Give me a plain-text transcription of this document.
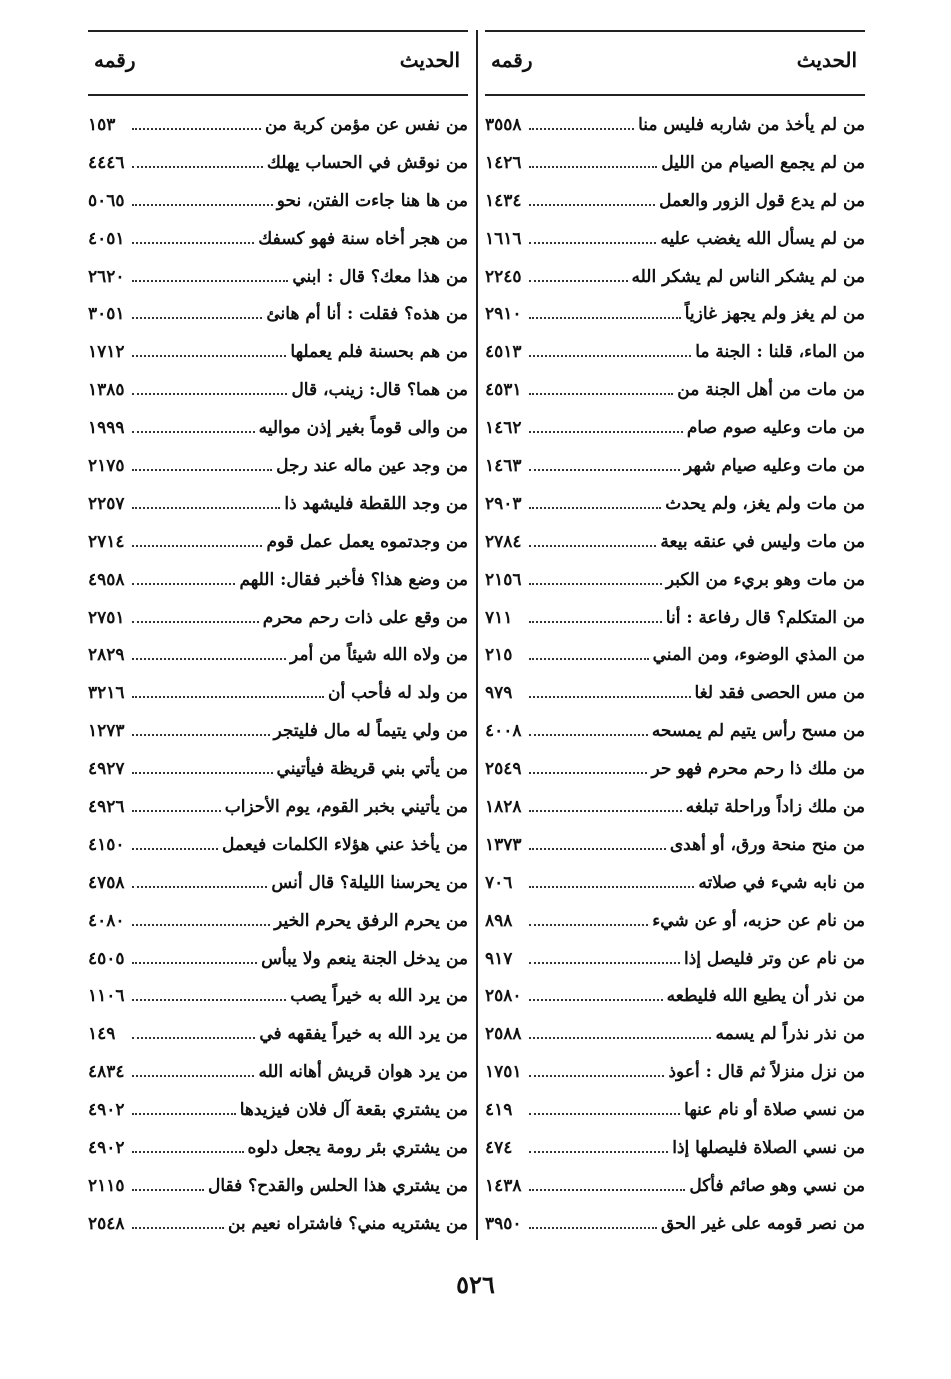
الحديث
رقمه
من لم يأخذ من شاربه فليس منا
٣٥٥٨
من لم يجمع الصيام من الليل
١٤٢٦
من لم يدع قول الزور والعمل
١٤٣٤
من لم يسأل الله يغضب عليه
١٦١٦
من لم يشكر الناس لم يشكر الله
٢٢٤٥
من لم يغز ولم يجهز غازياً
٢٩١٠
من الماء، قلنا : الجنة ما
٤٥١٣
من مات من أهل الجنة من
٤٥٣١
من مات وعليه صوم صام
١٤٦٢
من مات وعليه صيام شهر
١٤٦٣
من مات ولم يغز، ولم يحدث
٢٩٠٣
من مات وليس في عنقه بيعة
٢٧٨٤
من مات وهو بريء من الكبر
٢١٥٦
من المتكلم؟ قال رفاعة : أنا
٧١١
من المذي الوضوء، ومن المني
٢١٥
من مس الحصى فقد لغا
٩٧٩
من مسح رأس يتيم لم يمسحه
٤٠٠٨
من ملك ذا رحم محرم فهو حر
٢٥٤٩
من ملك زاداً وراحلة تبلغه
١٨٢٨
من منح منحة ورق، أو أهدى
١٣٧٣
من نابه شيء في صلاته
٧٠٦
من نام عن حزبه، أو عن شيء
٨٩٨
من نام عن وتر فليصل إذا
٩١٧
من نذر أن يطيع الله فليطعه
٢٥٨٠
من نذر نذراً لم يسمه
٢٥٨٨
من نزل منزلاً ثم قال : أعوذ
١٧٥١
من نسي صلاة أو نام عنها
٤١٩
من نسي الصلاة فليصلها إذا
٤٧٤
من نسي وهو صائم فأكل
١٤٣٨
من نصر قومه على غير الحق
٣٩٥٠
الحديث
رقمه
من نفس عن مؤمن كربة من
١٥٣
من نوقش في الحساب يهلك
٤٤٤٦
من ها هنا جاءت الفتن، نحو
٥٠٦٥
من هجر أخاه سنة فهو كسفك
٤٠٥١
من هذا معك؟ قال : ابني
٢٦٢٠
من هذه؟ فقلت : أنا أم هانئ
٣٠٥١
من هم بحسنة فلم يعملها
١٧١٢
من هما؟ قال: زينب، قال
١٣٨٥
من والى قوماً بغير إذن مواليه
١٩٩٩
من وجد عين ماله عند رجل
٢١٧٥
من وجد اللقطة فليشهد ذا
٢٢٥٧
من وجدتموه يعمل عمل قوم
٢٧١٤
من وضع هذا؟ فأخبر فقال: اللهم
٤٩٥٨
من وقع على ذات رحم محرم
٢٧٥١
من ولاه الله شيئاً من أمر
٢٨٢٩
من ولد له فأحب أن
٣٢١٦
من ولي يتيماً له مال فليتجر
١٢٧٣
من يأتي بني قريظة فيأتيني
٤٩٢٧
من يأتيني بخبر القوم، يوم الأحزاب
٤٩٢٦
من يأخذ عني هؤلاء الكلمات فيعمل
٤١٥٠
من يحرسنا الليلة؟ قال أنس
٤٧٥٨
من يحرم الرفق يحرم الخير
٤٠٨٠
من يدخل الجنة ينعم ولا يبأس
٤٥٠٥
من يرد الله به خيراً يصب
١١٠٦
من يرد الله به خيراً يفقهه في
١٤٩
من يرد هوان قريش أهانه الله
٤٨٣٤
من يشتري بقعة آل فلان فيزيدها
٤٩٠٢
من يشتري بئر رومة يجعل دلوه
٤٩٠٢
من يشتري هذا الحلس والقدح؟ فقال
٢١١٥
من يشتريه مني؟ فاشتراه نعيم بن
٢٥٤٨
٥٢٦
